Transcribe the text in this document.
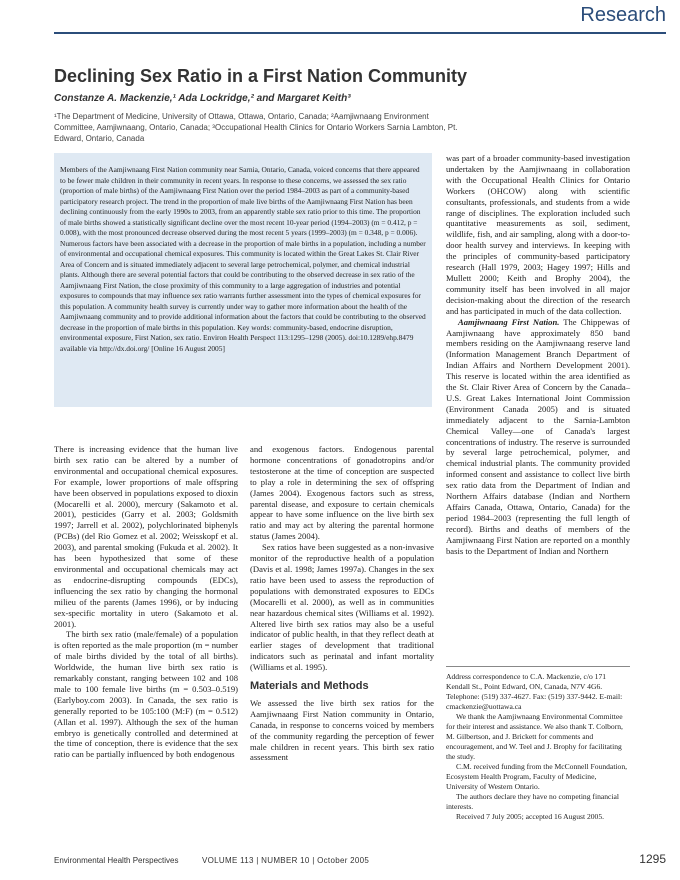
Research
Declining Sex Ratio in a First Nation Community
Constanze A. Mackenzie,¹ Ada Lockridge,² and Margaret Keith³
¹The Department of Medicine, University of Ottawa, Ottawa, Ontario, Canada; ²Aamjiwnaang Environment Committee, Aamjiwnaang, Ontario, Canada; ³Occupational Health Clinics for Ontario Workers Sarnia Lambton, Pt. Edward, Ontario, Canada
Members of the Aamjiwnaang First Nation community near Sarnia, Ontario, Canada, voiced concerns that there appeared to be fewer male children in their community in recent years. In response to these concerns, we assessed the sex ratio (proportion of male births) of the Aamjiwnaang First Nation over the period 1984–2003 as part of a community-based participatory research project. The trend in the proportion of male live births of the Aamjiwnaang First Nation has been declining continuously from the early 1990s to 2003, from an apparently stable sex ratio prior to this time. The proportion of male births showed a statistically significant decline over the most recent 10-year period (1994–2003) (m = 0.412, p = 0.008), with the most pronounced decrease observed during the most recent 5 years (1999–2003) (m = 0.348, p = 0.006). Numerous factors have been associated with a decrease in the proportion of male births in a population, including a number of environmental and occupational chemical exposures. This community is located within the Great Lakes St. Clair River Area of Concern and is situated immediately adjacent to several large petrochemical, polymer, and chemical industrial plants. Although there are several potential factors that could be contributing to the observed decrease in sex ratio of the Aamjiwnaang First Nation, the close proximity of this community to a large aggregation of industries and potential exposures to compounds that may influence sex ratio warrants further assessment into the types of chemical exposures for this population. A community health survey is currently under way to gather more information about the health of the Aamjiwnaang community and to provide additional information about the factors that could be contributing to the observed decrease in the proportion of male births in this population. Key words: community-based, endocrine disruption, environmental exposure, First Nation, sex ratio. Environ Health Perspect 113:1295–1298 (2005). doi:10.1289/ehp.8479 available via http://dx.doi.org/ [Online 16 August 2005]

There is increasing evidence that the human live birth sex ratio can be altered by a number of environmental and occupational chemical exposures. For example, lower proportions of male offspring have been observed in populations exposed to dioxin (Mocarelli et al. 2000), mercury (Sakamoto et al. 2001), pesticides (Garry et al. 2003; Goldsmith 1997; Jarrell et al. 2002), polychlorinated biphenyls (PCBs) (del Rio Gomez et al. 2002; Weisskopf et al. 2003), and parental smoking (Fukuda et al. 2002). It has been hypothesized that some of these environmental and occupational chemicals may act as endocrine-disrupting compounds (EDCs), influencing the sex ratio by changing the hormonal milieu of the parents (James 1996), or by inducing sex-specific mortality in utero (Sakamoto et al. 2001).

The birth sex ratio (male/female) of a population is often reported as the male proportion (m = number of male births divided by the total of all births). Worldwide, the human live birth sex ratio is remarkably constant, ranging between 102 and 108 male to 100 female live births (m = 0.503–0.519) (Earlyboy.com 2003). In Canada, the sex ratio is generally reported to be 105:100 (M:F) (m = 0.512) (Allan et al. 1997). Although the sex of the human embryo is genetically controlled and determined at the time of conception, there is evidence that the sex ratio can be partially influenced by both endogenous

and exogenous factors. Endogenous parental hormone concentrations of gonadotropins and/or testosterone at the time of conception are suspected to play a role in determining the sex of offspring (James 2004). Exogenous factors such as stress, parental disease, and exposure to certain chemicals appear to have some influence on the live birth sex ratio and may act by altering the parental hormone status (James 2004).

Sex ratios have been suggested as a non-invasive monitor of the reproductive health of a population (Davis et al. 1998; James 1997a). Changes in the sex ratio have been used to assess the reproduction of populations with demonstrated exposures to EDCs (Mocarelli et al. 2000), as well as in communities near hazardous chemical sites (Williams et al. 1992). Altered live birth sex ratios may also be a useful indicator of public health, in that they reflect death at earlier stages of development that traditional indicators such as perinatal and infant mortality (Williams et al. 1995).

Materials and Methods

We assessed the live birth sex ratios for the Aamjiwnaang First Nation community in Ontario, Canada, in response to concerns voiced by members of the community regarding the perception of fewer male children in recent years. This birth sex ratio assessment

was part of a broader community-based investigation undertaken by the Aamjiwnaang in collaboration with the Occupational Health Clinics for Ontario Workers (OHCOW) along with scientific consultants, professionals, and students from a wide range of disciplines. The exploration included such quantitative measurements as soil, sediment, wildlife, fish, and air sampling, along with a door-to-door health survey and interviews. In keeping with the principles of community-based participatory research (Hall 1979, 2003; Hagey 1997; Hills and Mullett 2000; Keith and Brophy 2004), the community itself has been involved in all major decision-making about the direction of the research and has participated in much of the data collection.

Aamjiwnaang First Nation. The Chippewas of Aamjiwnaang have approximately 850 band members residing on the Aamjiwnaang reserve land (Information Management Branch Department of Indian Affairs and Northern Development 2001). This reserve is located within the area identified as the St. Clair River Area of Concern by the Canada–U.S. Great Lakes International Joint Commission (Environment Canada 2005) and is situated immediately adjacent to the Sarnia-Lambton Chemical Valley—one of Canada's largest concentrations of industry. The reserve is surrounded by several large petrochemical, polymer, and chemical industrial plants. The community provided informed consent and assistance to collect live birth sex ratio data from the Department of Indian and Northern Affairs database (Indian and Northern Affairs Canada, Ottawa, Ontario, Canada) for the period 1984–2003 (representing the full length of record). Births and deaths of members of the Aamjiwnaang First Nation are reported on a monthly basis to the Department of Indian and Northern

Address correspondence to C.A. Mackenzie, c/o 171 Kendall St., Point Edward, ON, Canada, N7V 4G6. Telephone: (519) 337-4627. Fax: (519) 337-9442. E-mail: cmackenzie@uottawa.ca

We thank the Aamjiwnaang Environmental Committee for their interest and assistance. We also thank T. Colborn, M. Gilbertson, and J. Brickett for comments and encouragement, and W. Teel and J. Brophy for facilitating the study.

C.M. received funding from the McConnell Foundation, Ecosystem Health Program, Faculty of Medicine, University of Western Ontario.

The authors declare they have no competing financial interests.

Received 7 July 2005; accepted 16 August 2005.

Environmental Health Perspectives	VOLUME 113 | NUMBER 10 | October 2005	1295
